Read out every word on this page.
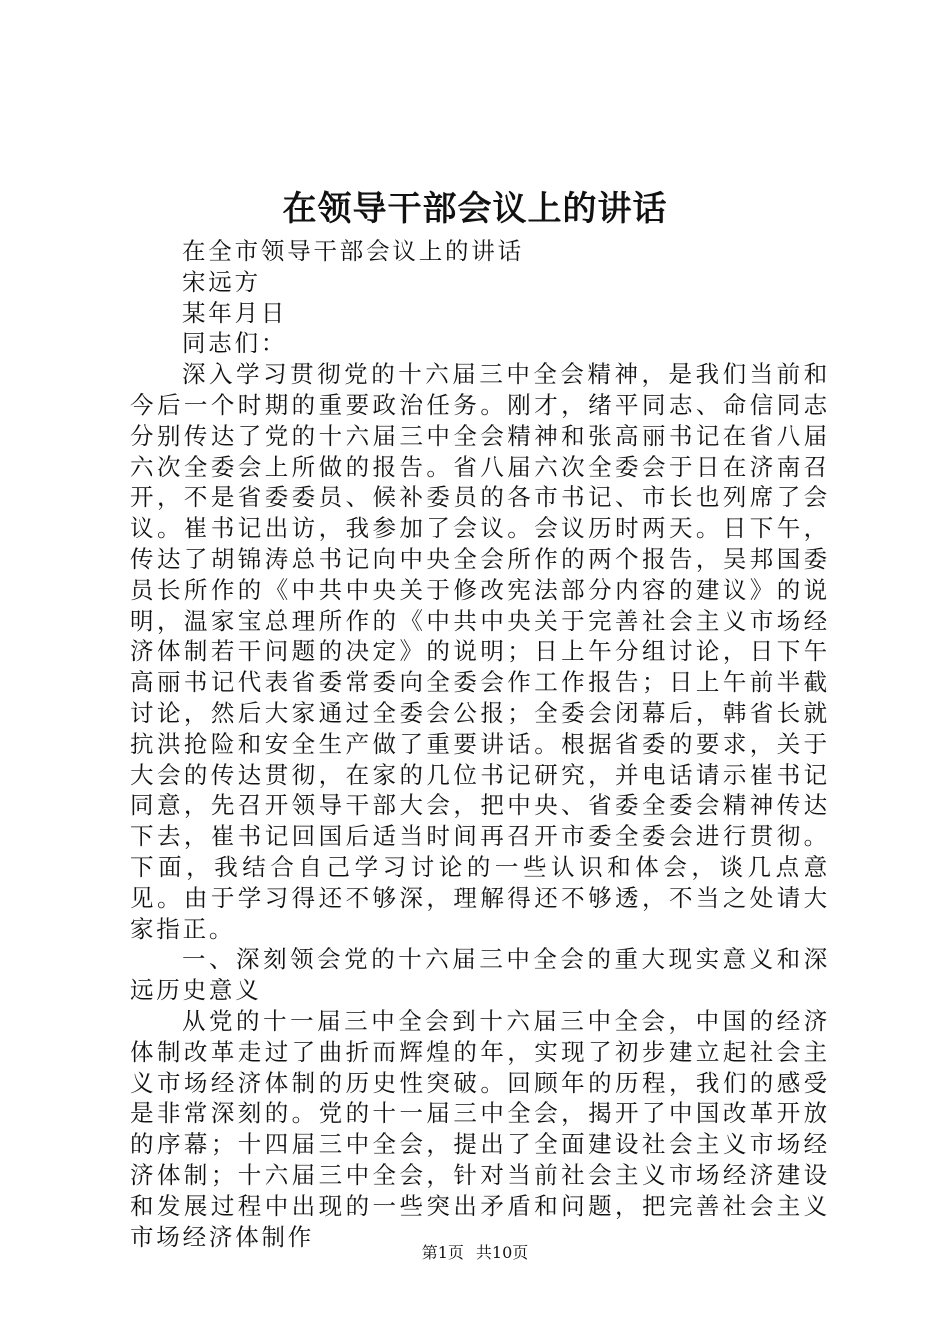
在领导干部会议上的讲话

在全市领导干部会议上的讲话

宋远方

某年月日

同志们：

深入学习贯彻党的十六届三中全会精神，是我们当前和今后一个时期的重要政治任务。刚才，绪平同志、命信同志分别传达了党的十六届三中全会精神和张高丽书记在省八届六次全委会上所做的报告。省八届六次全委会于日在济南召开，不是省委委员、候补委员的各市书记、市长也列席了会议。崔书记出访，我参加了会议。会议历时两天。日下午，传达了胡锦涛总书记向中央全会所作的两个报告，吴邦国委员长所作的《中共中央关于修改宪法部分内容的建议》的说明，温家宝总理所作的《中共中央关于完善社会主义市场经济体制若干问题的决定》的说明；日上午分组讨论，日下午高丽书记代表省委常委向全委会作工作报告；日上午前半截讨论，然后大家通过全委会公报；全委会闭幕后，韩省长就抗洪抢险和安全生产做了重要讲话。根据省委的要求，关于大会的传达贯彻，在家的几位书记研究，并电话请示崔书记同意，先召开领导干部大会，把中央、省委全委会精神传达下去，崔书记回国后适当时间再召开市委全委会进行贯彻。下面，我结合自己学习讨论的一些认识和体会，谈几点意见。由于学习得还不够深，理解得还不够透，不当之处请大家指正。

一、深刻领会党的十六届三中全会的重大现实意义和深远历史意义

从党的十一届三中全会到十六届三中全会，中国的经济体制改革走过了曲折而辉煌的年，实现了初步建立起社会主义市场经济体制的历史性突破。回顾年的历程，我们的感受是非常深刻的。党的十一届三中全会，揭开了中国改革开放的序幕；十四届三中全会，提出了全面建设社会主义市场经济体制；十六届三中全会，针对当前社会主义市场经济建设和发展过程中出现的一些突出矛盾和问题，把完善社会主义市场经济体制作

第1页 共10页
